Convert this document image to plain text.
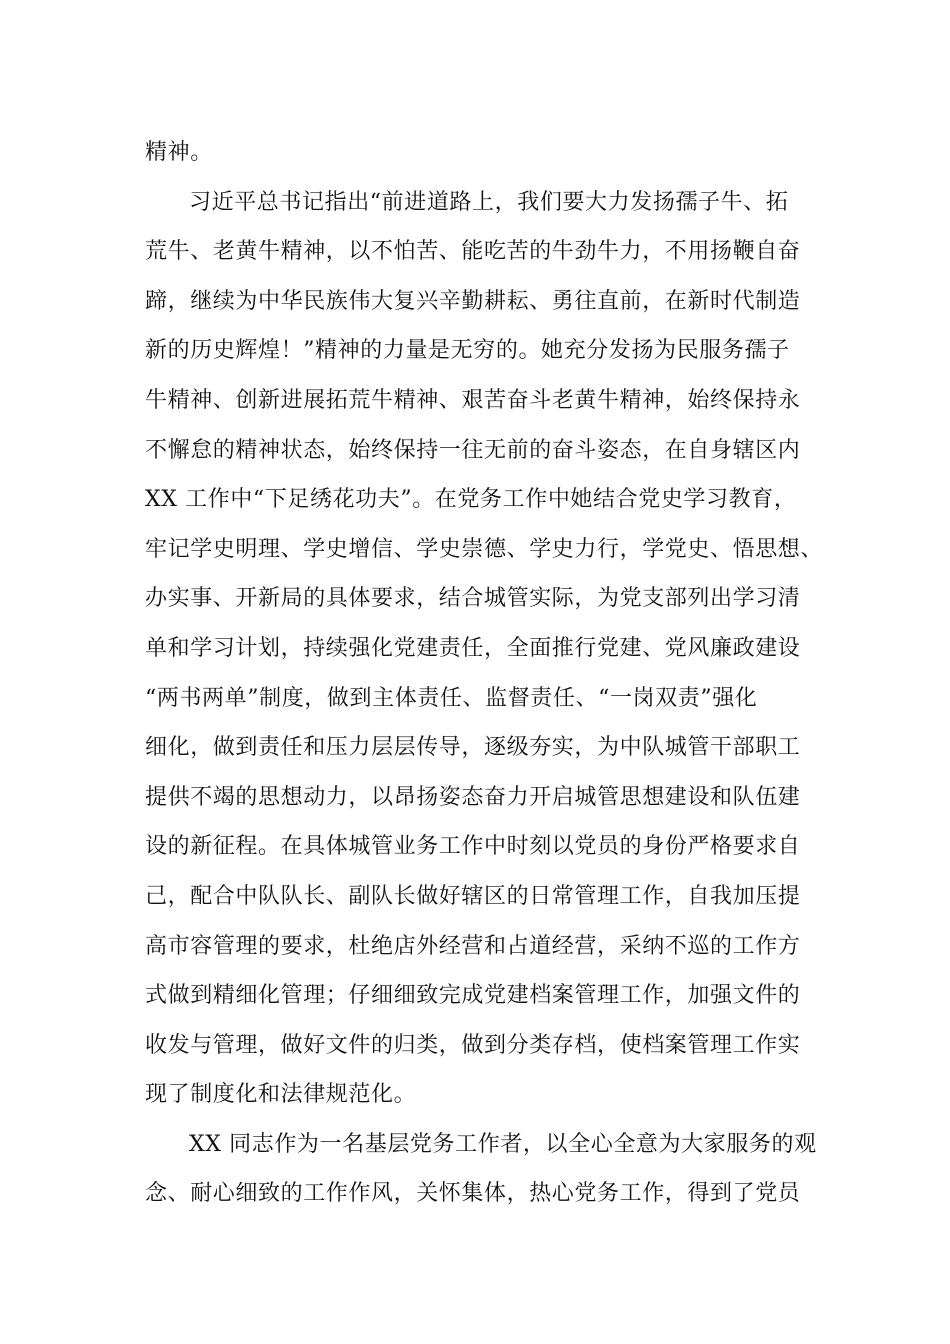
精神。
习近平总书记指出“前进道路上，我们要大力发扬孺子牛、拓
荒牛、老黄牛精神，以不怕苦、能吃苦的牛劲牛力，不用扬鞭自奋
蹄，继续为中华民族伟大复兴辛勤耕耘、勇往直前，在新时代制造
新的历史辉煌！”精神的力量是无穷的。她充分发扬为民服务孺子
牛精神、创新进展拓荒牛精神、艰苦奋斗老黄牛精神，始终保持永
不懈怠的精神状态，始终保持一往无前的奋斗姿态，在自身辖区内
XX 工作中“下足绣花功夫”。在党务工作中她结合党史学习教育，
牢记学史明理、学史增信、学史崇德、学史力行，学党史、悟思想、
办实事、开新局的具体要求，结合城管实际，为党支部列出学习清
单和学习计划，持续强化党建责任，全面推行党建、党风廉政建设
“两书两单”制度，做到主体责任、监督责任、“一岗双责”强化
细化，做到责任和压力层层传导，逐级夯实，为中队城管干部职工
提供不竭的思想动力，以昂扬姿态奋力开启城管思想建设和队伍建
设的新征程。在具体城管业务工作中时刻以党员的身份严格要求自
己，配合中队队长、副队长做好辖区的日常管理工作，自我加压提
高市容管理的要求，杜绝店外经营和占道经营，采纳不巡的工作方
式做到精细化管理；仔细细致完成党建档案管理工作，加强文件的
收发与管理，做好文件的归类，做到分类存档，使档案管理工作实
现了制度化和法律规范化。
XX 同志作为一名基层党务工作者，以全心全意为大家服务的观
念、耐心细致的工作作风，关怀集体，热心党务工作，得到了党员
